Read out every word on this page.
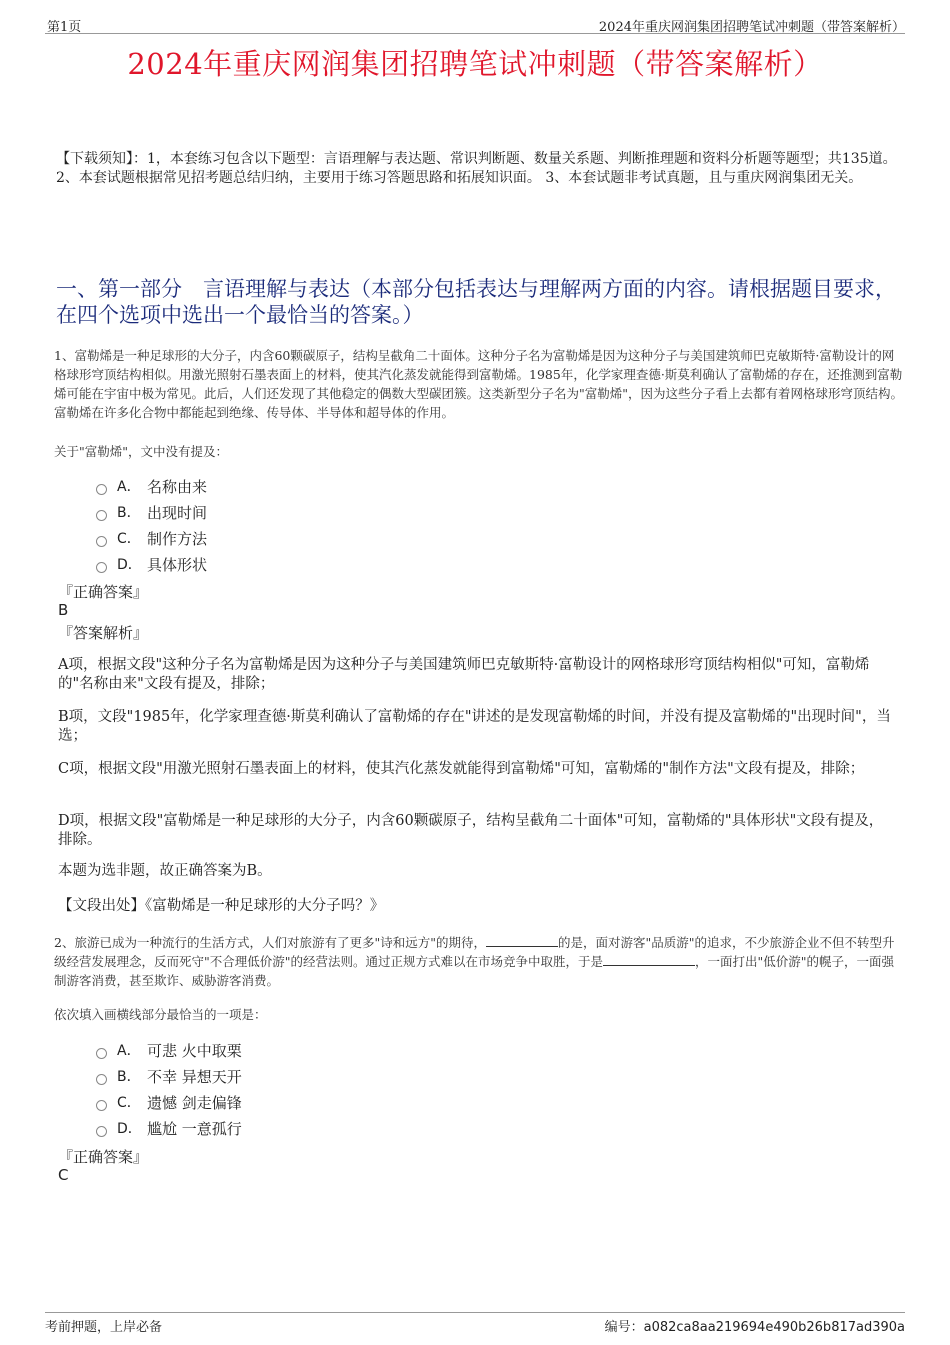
第1页	2024年重庆网润集团招聘笔试冲刺题（带答案解析）
2024年重庆网润集团招聘笔试冲刺题（带答案解析）
【下载须知】：1，本套练习包含以下题型：言语理解与表达题、常识判断题、数量关系题、判断推理题和资料分析题等题型；共135道。 2、本套试题根据常见招考题总结归纳，主要用于练习答题思路和拓展知识面。 3、本套试题非考试真题，且与重庆网润集团无关。
一、第一部分　言语理解与表达（本部分包括表达与理解两方面的内容。请根据题目要求，在四个选项中选出一个最恰当的答案。）
1、富勒烯是一种足球形的大分子，内含60颗碳原子，结构呈截角二十面体。这种分子名为富勒烯是因为这种分子与美国建筑师巴克敏斯特·富勒设计的网格球形穹顶结构相似。用激光照射石墨表面上的材料，使其汽化蒸发就能得到富勒烯。1985年，化学家理查德·斯莫利确认了富勒烯的存在，还推测到富勒烯可能在宇宙中极为常见。此后，人们还发现了其他稳定的偶数大型碳团簇。这类新型分子名为"富勒烯"，因为这些分子看上去都有着网格球形穹顶结构。富勒烯在许多化合物中都能起到绝缘、传导体、半导体和超导体的作用。
关于"富勒烯"，文中没有提及：
A． 名称由来
B． 出现时间
C． 制作方法
D． 具体形状
『正确答案』
B
『答案解析』
A项，根据文段"这种分子名为富勒烯是因为这种分子与美国建筑师巴克敏斯特·富勒设计的网格球形穹顶结构相似"可知，富勒烯的"名称由来"文段有提及，排除；
B项，文段"1985年，化学家理查德·斯莫利确认了富勒烯的存在"讲述的是发现富勒烯的时间，并没有提及富勒烯的"出现时间"，当选；
C项，根据文段"用激光照射石墨表面上的材料，使其汽化蒸发就能得到富勒烯"可知，富勒烯的"制作方法"文段有提及，排除；
D项，根据文段"富勒烯是一种足球形的大分子，内含60颗碳原子，结构呈截角二十面体"可知，富勒烯的"具体形状"文段有提及，排除。
本题为选非题，故正确答案为B。
【文段出处】《富勒烯是一种足球形的大分子吗？》
2、旅游已成为一种流行的生活方式，人们对旅游有了更多"诗和远方"的期待，	的是，面对游客"品质游"的追求，不少旅游企业不但不转型升级经营发展理念，反而死守"不合理低价游"的经营法则。通过正规方式难以在市场竞争中取胜，于是	，一面打出"低价游"的幌子，一面强制游客消费，甚至欺诈、威胁游客消费。
依次填入画横线部分最恰当的一项是：
A． 可悲 火中取栗
B． 不幸 异想天开
C． 遗憾 剑走偏锋
D． 尴尬 一意孤行
『正确答案』
C
考前押题，上岸必备	编号：a082ca8aa219694e490b26b817ad390a
